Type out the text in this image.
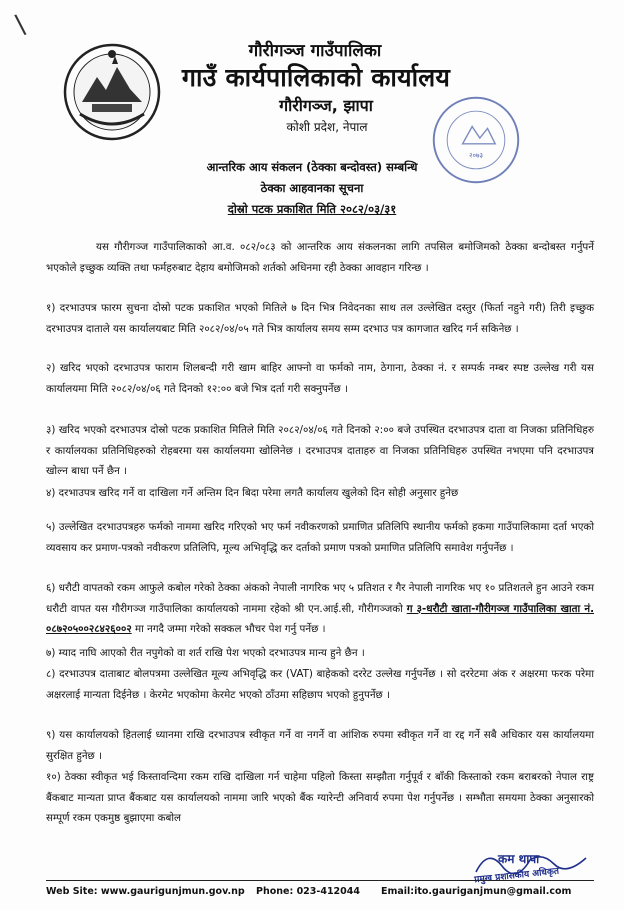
\
२०७३
गौरीगञ्ज गाउँपालिका
गाउँ कार्यपालिकाको कार्यालय
गौरीगञ्ज, झापा
कोशी प्रदेश, नेपाल
आन्तरिक आय संकलन (ठेक्का बन्दोवस्त) सम्बन्धि
ठेक्का आहवानका सूचना
दोस्रो पटक प्रकाशित मिति २०८२/०३/३१
यस गौरीगञ्ज गाउँपालिकाको आ.व. ०८२/०८३ को आन्तरिक आय संकलनका लागि तपसिल बमोजिमको ठेक्का बन्दोबस्त गर्नुपर्ने भएकोले इच्छुक व्यक्ति तथा फर्महरुबाट देहाय बमोजिमको शर्तको अधिनमा रही ठेक्का आवहान गरिन्छ ।
१) दरभाउपत्र फारम सुचना दोस्रो पटक प्रकाशित भएको मितिले ७ दिन भित्र निवेदनका साथ तल उल्लेखित दस्तुर (फिर्ता नहुने गरी) तिरी इच्छुक दरभाउपत्र दाताले यस कार्यालयबाट मिति २०८२/०४/०५ गते भित्र कार्यालय समय सम्म दरभाउ पत्र कागजात खरिद गर्न सकिनेछ ।
२) खरिद भएको दरभाउपत्र फाराम शिलबन्दी गरी खाम बाहिर आफ्नो वा फर्मको नाम, ठेगाना, ठेक्का नं. र सम्पर्क नम्बर स्पष्ट उल्लेख गरी यस कार्यालयमा मिति २०८२/०४/०६ गते दिनको १२:०० बजे भित्र दर्ता गरी सक्नुपर्नेछ ।
३) खरिद भएको दरभाउपत्र दोस्रो पटक प्रकाशित मितिले मिति २०८२/०४/०६ गते दिनको २:०० बजे उपस्थित दरभाउपत्र दाता वा निजका प्रतिनिधिहरु र कार्यालयका प्रतिनिधिहरुको रोहबरमा यस कार्यालयमा खोलिनेछ । दरभाउपत्र दाताहरु वा निजका प्रतिनिधिहरु उपस्थित नभएमा पनि दरभाउपत्र खोल्न बाधा पर्ने छैन ।
४) दरभाउपत्र खरिद गर्ने वा दाखिला गर्ने अन्तिम दिन बिदा परेमा लगतै कार्यालय खुलेको दिन सोही अनुसार हुनेछ
५) उल्लेखित दरभाउपत्रहरु फर्मको नाममा खरिद गरिएको भए फर्म नवीकरणको प्रमाणित प्रतिलिपि स्थानीय फर्मको हकमा गाउँपालिकामा दर्ता भएको व्यवसाय कर प्रमाण-पत्रको नवीकरण प्रतिलिपि, मूल्य अभिवृद्धि कर दर्ताको प्रमाण पत्रको प्रमाणित प्रतिलिपि समावेश गर्नुपर्नेछ ।
६) धरौटी वापतको रकम आफुले कबोल गरेको ठेक्का अंकको नेपाली नागरिक भए ५ प्रतिशत र गैर नेपाली नागरिक भए १० प्रतिशतले हुन आउने रकम धरौटी वापत यस गौरीगञ्ज गाउँपालिका कार्यालयको नाममा रहेको श्री एन.आई.सी, गौरीगञ्जको ग ३-धरौटी खाता-गौरीगञ्ज गाउँपालिका खाता नं. ०८७२०५००२८४२६००२ मा नगदै जम्मा गरेको सक्कल भौचर पेश गर्नु पर्नेछ ।
७) म्याद नाघि आएको रीत नपुगेको वा शर्त राखि पेश भएको दरभाउपत्र मान्य हुने छैन ।
८) दरभाउपत्र दाताबाट बोलपत्रमा उल्लेखित मूल्य अभिवृद्धि कर (VAT) बाहेकको दररेट उल्लेख गर्नुपर्नेछ । सो दररेटमा अंक र अक्षरमा फरक परेमा अक्षरलाई मान्यता दिईनेछ । केरमेट भएकोमा केरमेट भएको ठाँउमा सहिछाप भएको हुनुपर्नेछ ।
९) यस कार्यालयको हितलाई ध्यानमा राखि दरभाउपत्र स्वीकृत गर्ने वा नगर्ने वा आंशिक रुपमा स्वीकृत गर्ने वा रद्द गर्ने सबै अधिकार यस कार्यालयमा सुरक्षित हुनेछ ।
१०) ठेक्का स्वीकृत भई किस्तावन्दिमा रकम राखि दाखिला गर्न चाहेमा पहिलो किस्ता सम्झौता गर्नुपूर्व र बाँकी किस्ताको रकम बराबरको नेपाल राष्ट्र बैंकबाट मान्यता प्राप्त बैंकबाट यस कार्यालयको नाममा जारि भएको बैंक ग्यारेन्टी अनिवार्य रुपमा पेश गर्नुपर्नेछ । सम्भौता समयमा ठेक्का अनुसारको सम्पूर्ण रकम एकमुष्ठ बुझाएमा कबोल
कम थापा
प्रमुख प्रशासकीय अधिकृत
Web Site: www.gaurigunjmun.gov.np Phone: 023-412044 Email:ito.gauriganjmun@gmail.com
